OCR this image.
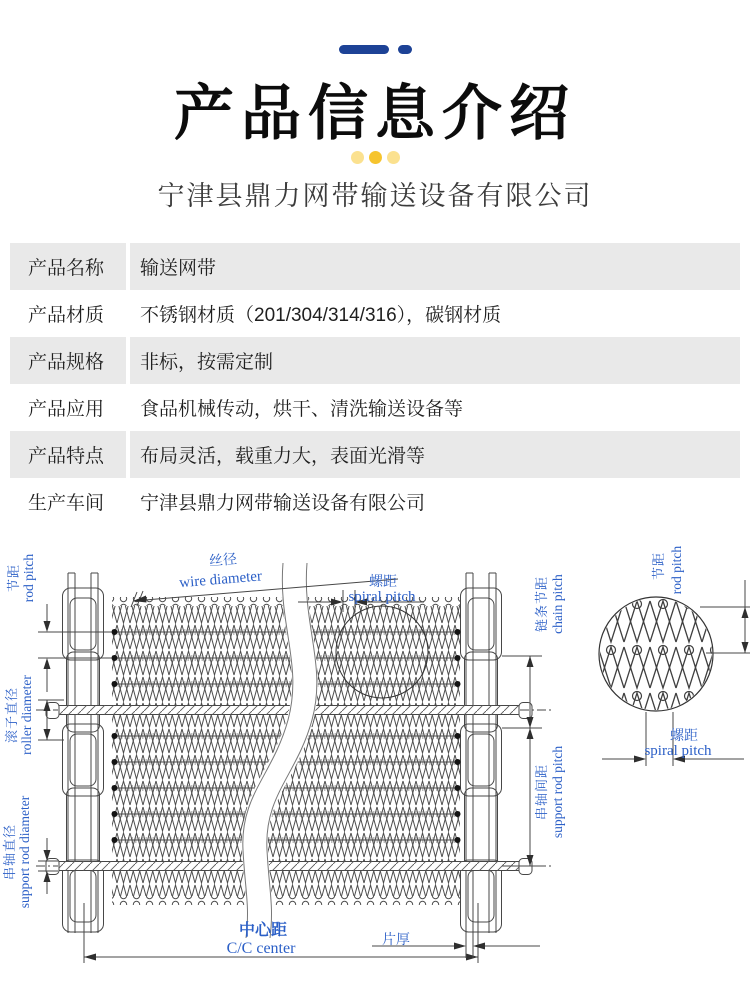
产品信息介绍
宁津县鼎力网带输送设备有限公司
产品名称	输送网带
产品材质	不锈钢材质（201/304/314/316），碳钢材质
产品规格	非标，按需定制
产品应用	食品机械传动，烘干、清洗输送设备等
产品特点	布局灵活，载重力大，表面光滑等
生产车间	宁津县鼎力网带输送设备有限公司
丝径
wire diameter	螺距
spiral pitch
节距 rod pitch
滚子直径 roller diameter
串轴直径 support rod diameter
链条节距 chain pitch
串轴间距 support rod pitch
节距 rod pitch
螺距
spiral pitch
中心距
C/C center
片厚
